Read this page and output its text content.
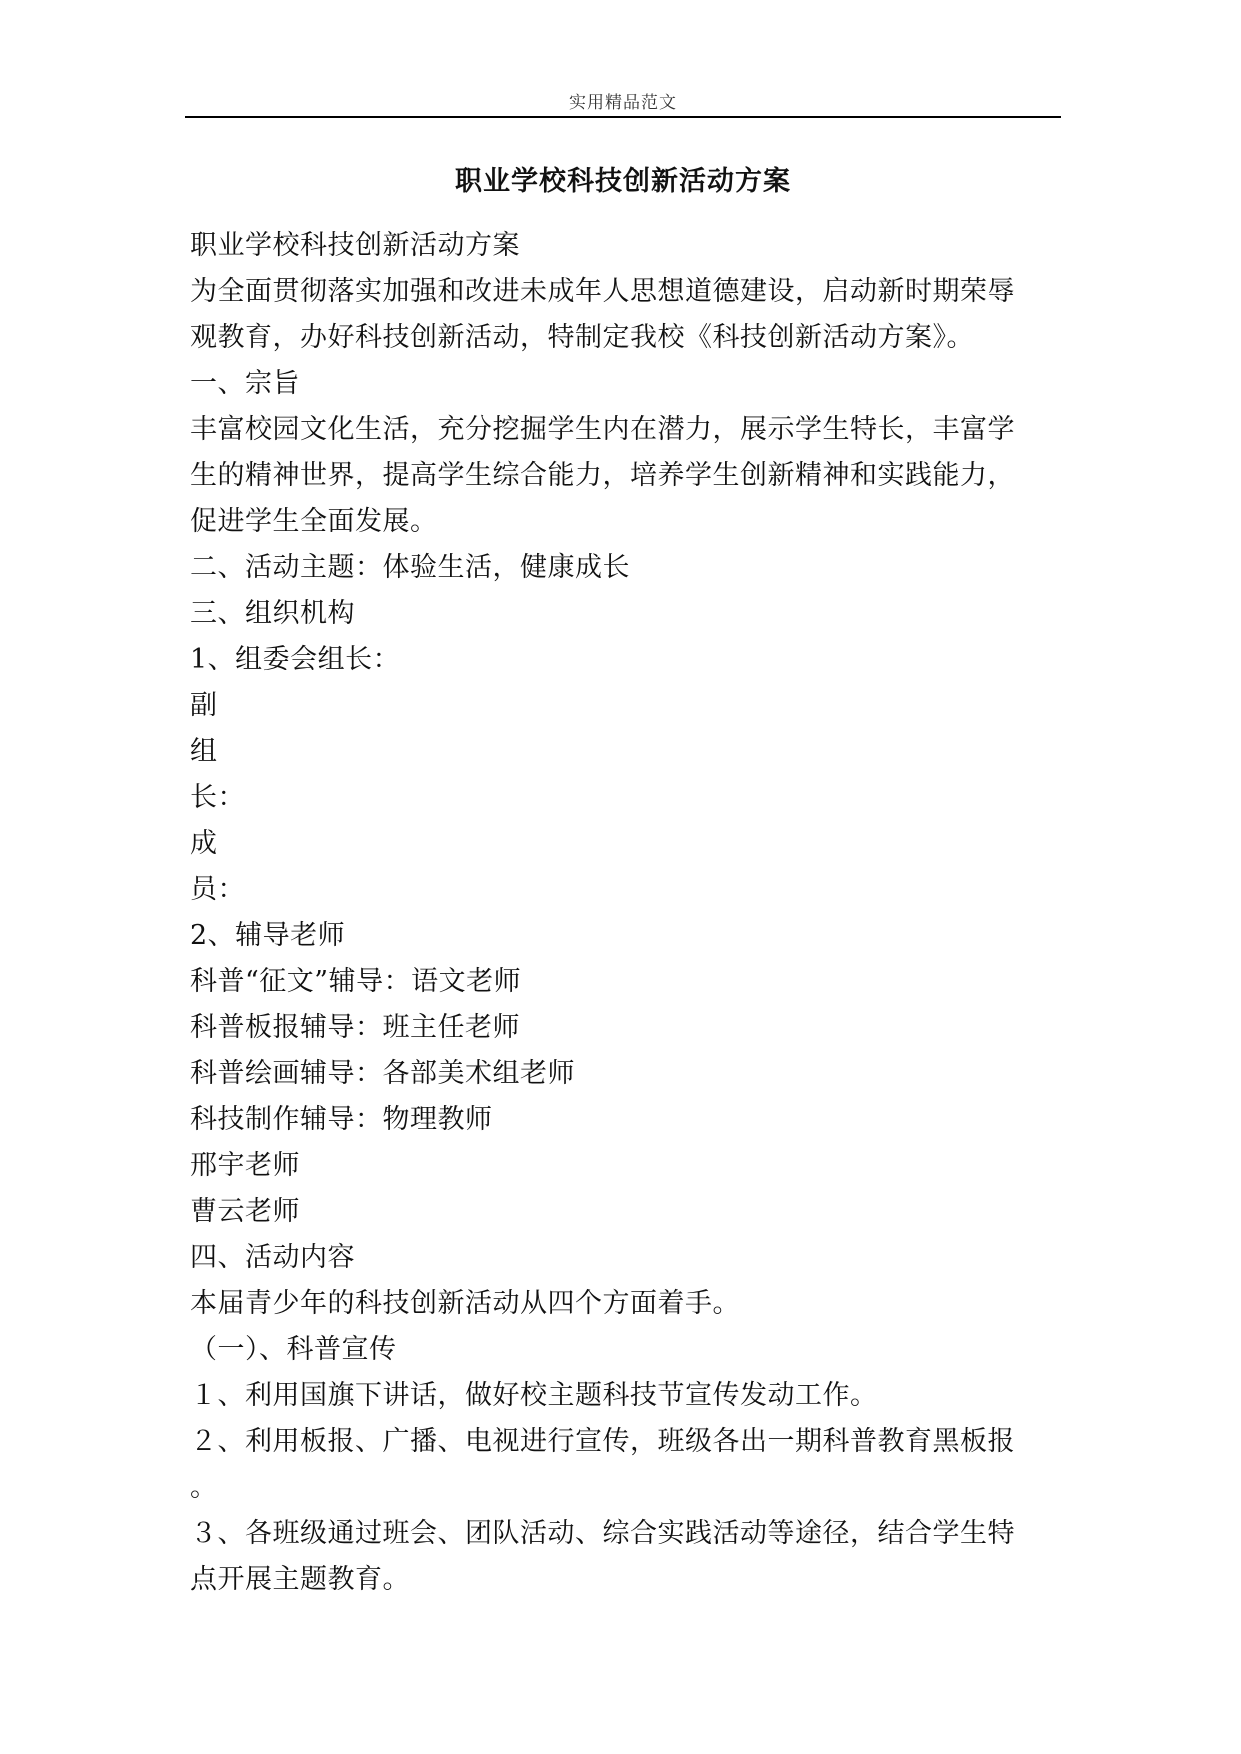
实用精品范文
职业学校科技创新活动方案

职业学校科技创新活动方案

为全面贯彻落实加强和改进未成年人思想道德建设，启动新时期荣辱

观教育，办好科技创新活动，特制定我校《科技创新活动方案》。

一、宗旨

丰富校园文化生活，充分挖掘学生内在潜力，展示学生特长，丰富学

生的精神世界，提高学生综合能力，培养学生创新精神和实践能力，

促进学生全面发展。

二、活动主题：体验生活，健康成长

三、组织机构

1、组委会组长：

副

组

长：

成

员：

2、辅导老师

科普“征文”辅导：语文老师

科普板报辅导：班主任老师

科普绘画辅导：各部美术组老师

科技制作辅导：物理教师

邢宇老师

曹云老师

四、活动内容

本届青少年的科技创新活动从四个方面着手。

（一）、科普宣传

１、利用国旗下讲话，做好校主题科技节宣传发动工作。

２、利用板报、广播、电视进行宣传，班级各出一期科普教育黑板报

。

３、各班级通过班会、团队活动、综合实践活动等途径，结合学生特

点开展主题教育。
